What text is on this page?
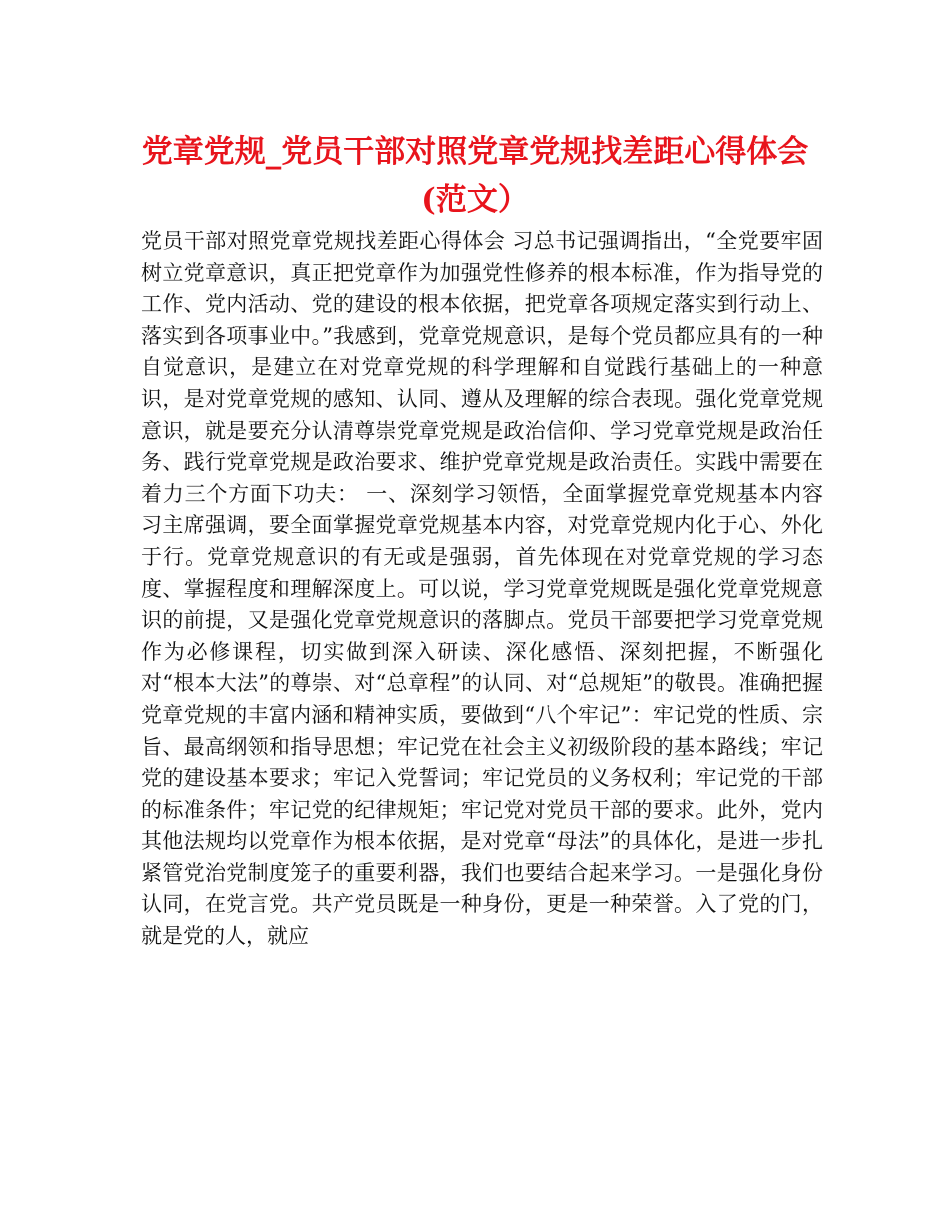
党章党规_党员干部对照党章党规找差距心得体会(范文）

党员干部对照党章党规找差距心得体会 习总书记强调指出，“全党要牢固树立党章意识，真正把党章作为加强党性修养的根本标准，作为指导党的工作、党内活动、党的建设的根本依据，把党章各项规定落实到行动上、落实到各项事业中。”我感到，党章党规意识，是每个党员都应具有的一种自觉意识，是建立在对党章党规的科学理解和自觉践行基础上的一种意识，是对党章党规的感知、认同、遵从及理解的综合表现。强化党章党规意识，就是要充分认清尊崇党章党规是政治信仰、学习党章党规是政治任务、践行党章党规是政治要求、维护党章党规是政治责任。实践中需要在着力三个方面下功夫： 一、深刻学习领悟，全面掌握党章党规基本内容 习主席强调，要全面掌握党章党规基本内容，对党章党规内化于心、外化于行。党章党规意识的有无或是强弱，首先体现在对党章党规的学习态度、掌握程度和理解深度上。可以说，学习党章党规既是强化党章党规意识的前提，又是强化党章党规意识的落脚点。党员干部要把学习党章党规作为必修课程，切实做到深入研读、深化感悟、深刻把握，不断强化对“根本大法”的尊崇、对“总章程”的认同、对“总规矩”的敬畏。准确把握党章党规的丰富内涵和精神实质，要做到“八个牢记”：牢记党的性质、宗旨、最高纲领和指导思想；牢记党在社会主义初级阶段的基本路线；牢记党的建设基本要求；牢记入党誓词；牢记党员的义务权利；牢记党的干部的标准条件；牢记党的纪律规矩；牢记党对党员干部的要求。此外，党内其他法规均以党章作为根本依据，是对党章“母法”的具体化，是进一步扎紧管党治党制度笼子的重要利器，我们也要结合起来学习。一是强化身份认同，在党言党。共产党员既是一种身份，更是一种荣誉。入了党的门，就是党的人，就应
